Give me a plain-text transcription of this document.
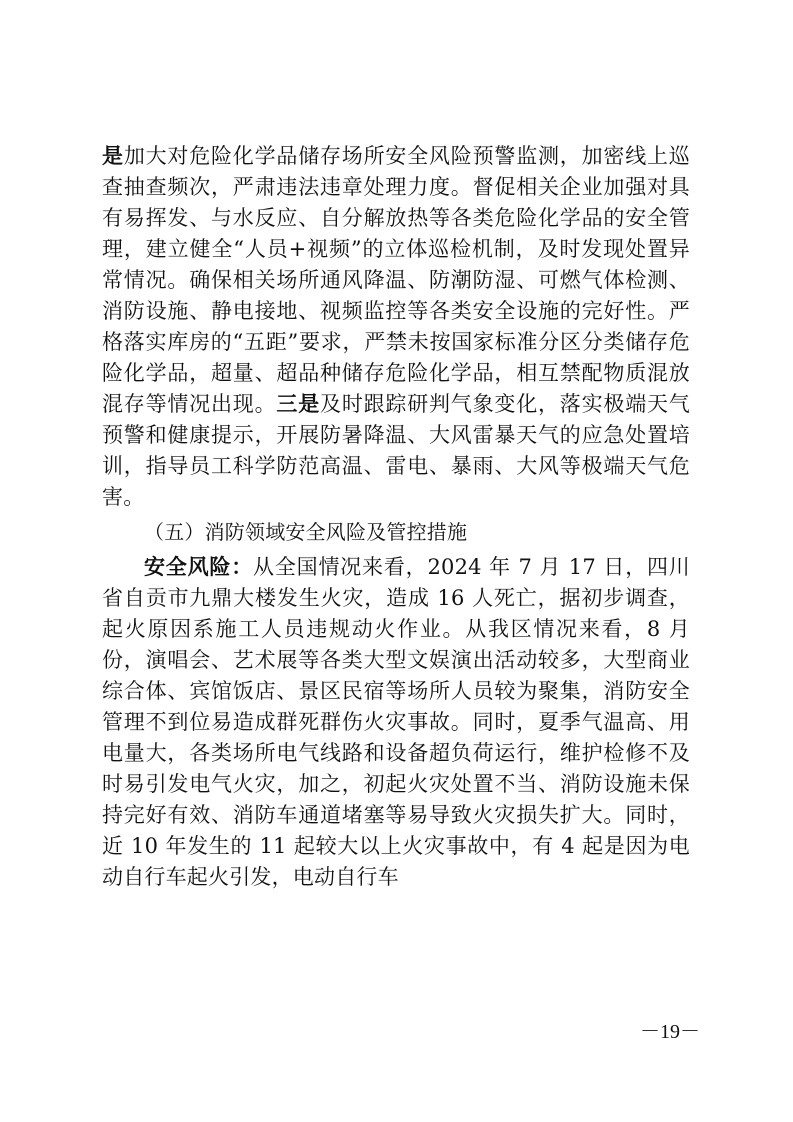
是加大对危险化学品储存场所安全风险预警监测，加密线上巡查抽查频次，严肃违法违章处理力度。督促相关企业加强对具有易挥发、与水反应、自分解放热等各类危险化学品的安全管理，建立健全“人员+视频”的立体巡检机制，及时发现处置异常情况。确保相关场所通风降温、防潮防湿、可燃气体检测、消防设施、静电接地、视频监控等各类安全设施的完好性。严格落实库房的“五距”要求，严禁未按国家标准分区分类储存危险化学品，超量、超品种储存危险化学品，相互禁配物质混放混存等情况出现。三是及时跟踪研判气象变化，落实极端天气预警和健康提示，开展防暑降温、大风雷暴天气的应急处置培训，指导员工科学防范高温、雷电、暴雨、大风等极端天气危害。

（五）消防领域安全风险及管控措施

安全风险：从全国情况来看，2024 年 7 月 17 日，四川省自贡市九鼎大楼发生火灾，造成 16 人死亡，据初步调查，起火原因系施工人员违规动火作业。从我区情况来看，8 月份，演唱会、艺术展等各类大型文娱演出活动较多，大型商业综合体、宾馆饭店、景区民宿等场所人员较为聚集，消防安全管理不到位易造成群死群伤火灾事故。同时，夏季气温高、用电量大，各类场所电气线路和设备超负荷运行，维护检修不及时易引发电气火灾，加之，初起火灾处置不当、消防设施未保持完好有效、消防车通道堵塞等易导致火灾损失扩大。同时，近 10 年发生的 11 起较大以上火灾事故中，有 4 起是因为电动自行车起火引发，电动自行车

－19－
